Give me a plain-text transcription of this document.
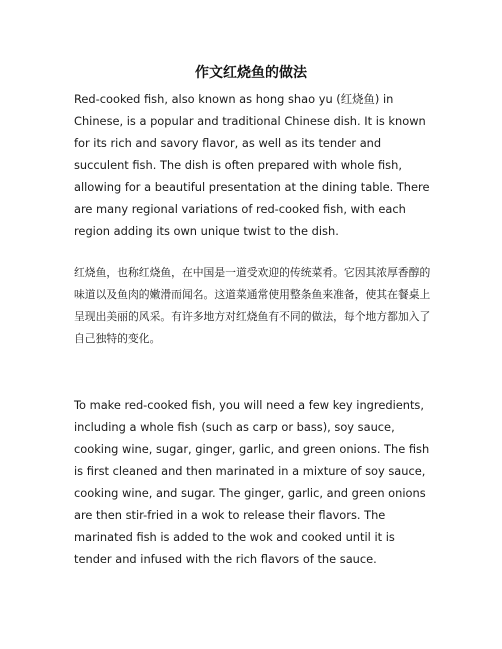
作文红烧鱼的做法

Red-cooked fish, also known as hong shao yu (红烧鱼) in Chinese, is a popular and traditional Chinese dish. It is known for its rich and savory flavor, as well as its tender and succulent fish. The dish is often prepared with whole fish, allowing for a beautiful presentation at the dining table. There are many regional variations of red-cooked fish, with each region adding its own unique twist to the dish.

红烧鱼，也称红烧鱼，在中国是一道受欢迎的传统菜肴。它因其浓厚香醇的味道以及鱼肉的嫩滑而闻名。这道菜通常使用整条鱼来准备，使其在餐桌上呈现出美丽的风采。有许多地方对红烧鱼有不同的做法，每个地方都加入了自己独特的变化。

To make red-cooked fish, you will need a few key ingredients, including a whole fish (such as carp or bass), soy sauce, cooking wine, sugar, ginger, garlic, and green onions. The fish is first cleaned and then marinated in a mixture of soy sauce, cooking wine, and sugar. The ginger, garlic, and green onions are then stir-fried in a wok to release their flavors. The marinated fish is added to the wok and cooked until it is tender and infused with the rich flavors of the sauce.
